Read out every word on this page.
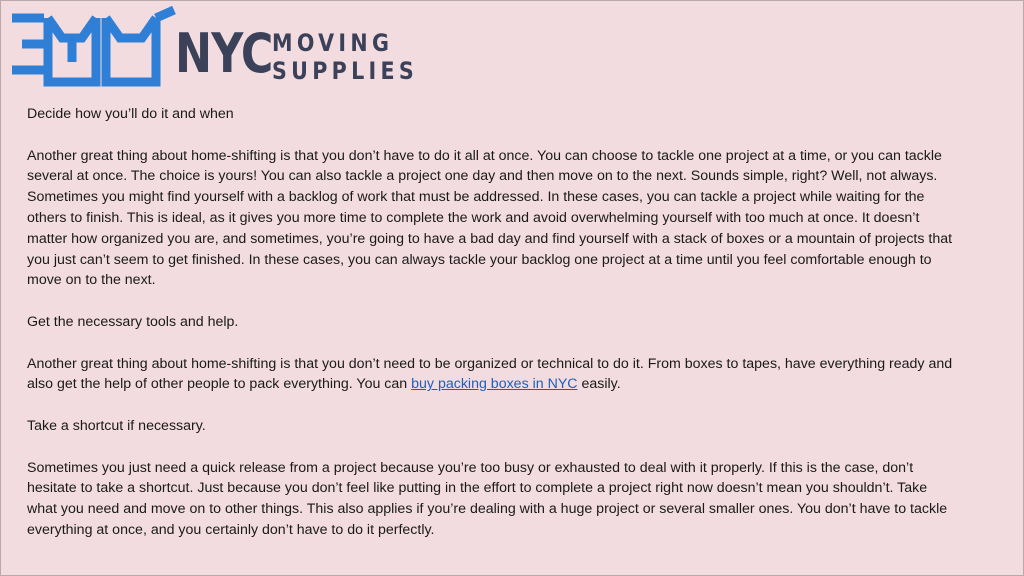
NYC MOVING
SUPPLIES

Decide how you’ll do it and when

Another great thing about home-shifting is that you don’t have to do it all at once. You can choose to tackle one project at a time, or you can tackle several at once. The choice is yours! You can also tackle a project one day and then move on to the next. Sounds simple, right? Well, not always. Sometimes you might find yourself with a backlog of work that must be addressed. In these cases, you can tackle a project while waiting for the others to finish. This is ideal, as it gives you more time to complete the work and avoid overwhelming yourself with too much at once. It doesn’t matter how organized you are, and sometimes, you’re going to have a bad day and find yourself with a stack of boxes or a mountain of projects that you just can’t seem to get finished. In these cases, you can always tackle your backlog one project at a time until you feel comfortable enough to move on to the next.

Get the necessary tools and help.

Another great thing about home-shifting is that you don’t need to be organized or technical to do it. From boxes to tapes, have everything ready and also get the help of other people to pack everything. You can buy packing boxes in NYC easily.

Take a shortcut if necessary.

Sometimes you just need a quick release from a project because you’re too busy or exhausted to deal with it properly. If this is the case, don’t hesitate to take a shortcut. Just because you don’t feel like putting in the effort to complete a project right now doesn’t mean you shouldn’t. Take what you need and move on to other things. This also applies if you’re dealing with a huge project or several smaller ones. You don’t have to tackle everything at once, and you certainly don’t have to do it perfectly.
